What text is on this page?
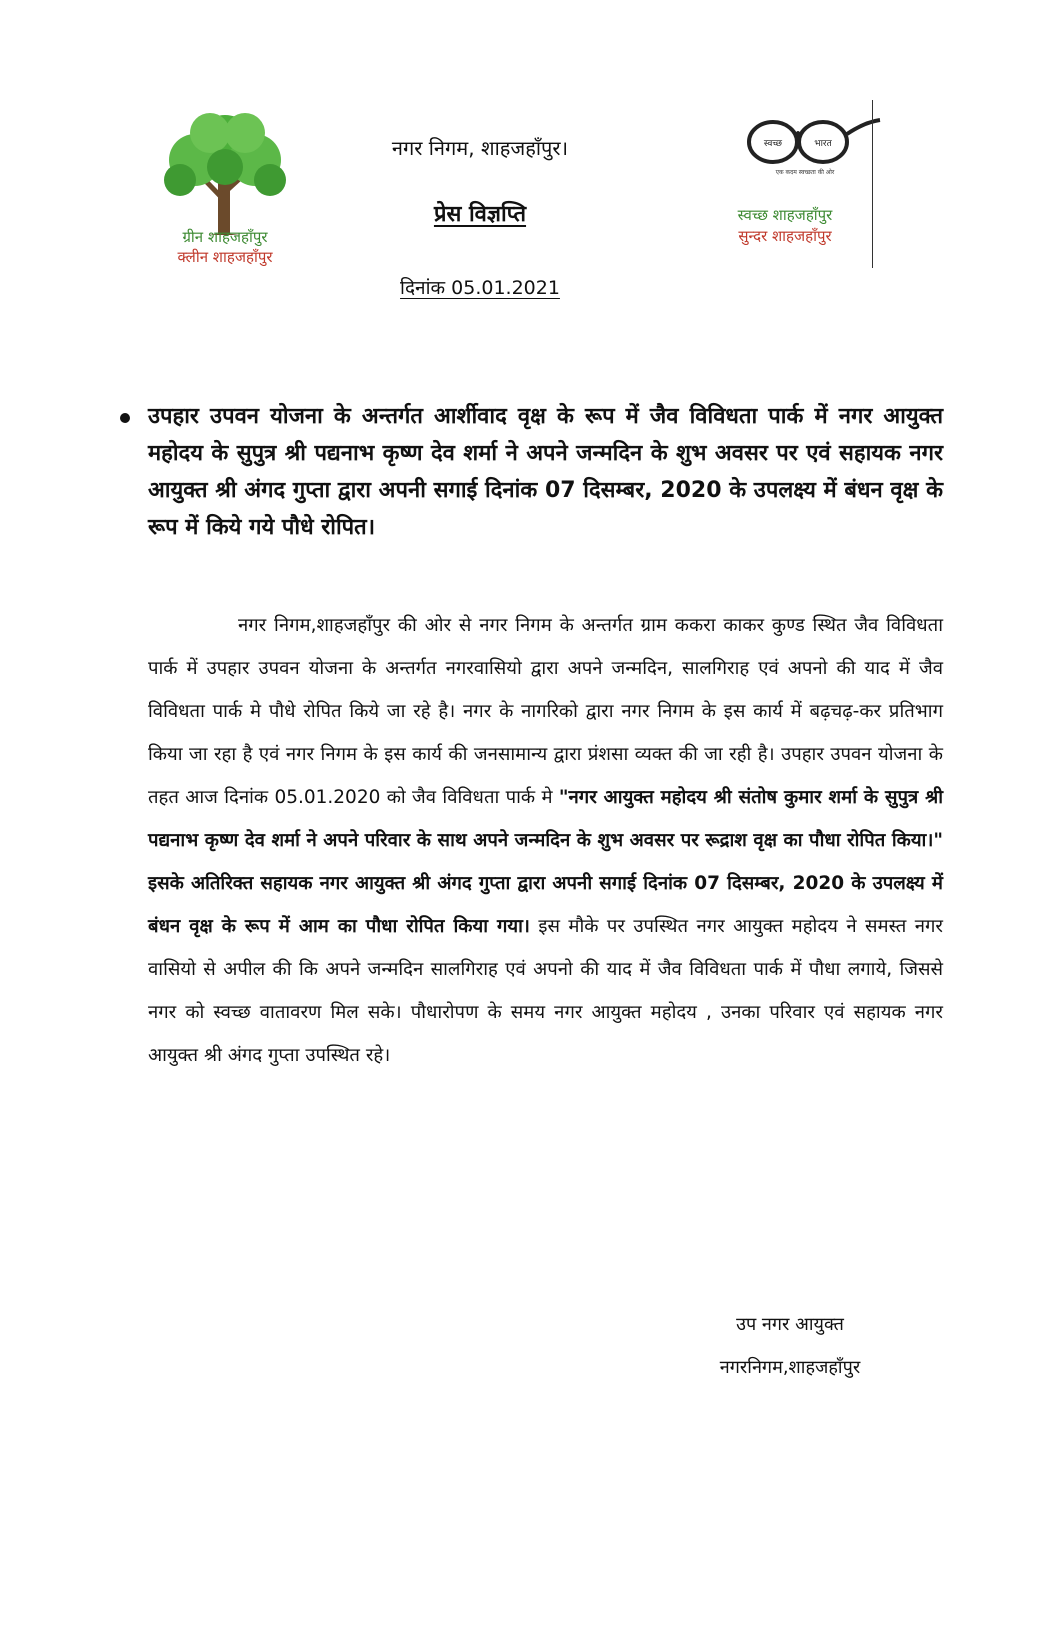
ग्रीन शाहजहाँपुर
क्लीन शाहजहाँपुर
नगर निगम, शाहजहाँपुर।
प्रेस विज्ञप्ति
दिनांक 05.01.2021
स्वच्छ	भारत
एक कदम स्वच्छता की ओर
स्वच्छ शाहजहाँपुर
सुन्दर शाहजहाँपुर
उपहार उपवन योजना के अन्तर्गत आर्शीवाद वृक्ष के रूप में जैव विविधता पार्क में नगर आयुक्त महोदय के सुपुत्र श्री पद्यनाभ कृष्ण देव शर्मा ने अपने जन्मदिन के शुभ अवसर पर एवं सहायक नगर आयुक्त श्री अंगद गुप्ता द्वारा अपनी सगाई दिनांक 07 दिसम्बर, 2020 के उपलक्ष्य में बंधन वृक्ष के रूप में किये गये पौधे रोपित।
नगर निगम,शाहजहाँपुर की ओर से नगर निगम के अन्तर्गत ग्राम ककरा काकर कुण्ड स्थित जैव विविधता पार्क में उपहार उपवन योजना के अन्तर्गत नगरवासियो द्वारा अपने जन्मदिन, सालगिराह एवं अपनो की याद में जैव विविधता पार्क मे पौधे रोपित किये जा रहे है। नगर के नागरिको द्वारा नगर निगम के इस कार्य में बढ़चढ़-कर प्रतिभाग किया जा रहा है एवं नगर निगम के इस कार्य की जनसामान्य द्वारा प्रंशसा व्यक्त की जा रही है। उपहार उपवन योजना के तहत आज दिनांक 05.01.2020 को जैव विविधता पार्क मे "नगर आयुक्त महोदय श्री संतोष कुमार शर्मा के सुपुत्र श्री पद्यनाभ कृष्ण देव शर्मा ने अपने परिवार के साथ अपने जन्मदिन के शुभ अवसर पर रूद्राश वृक्ष का पौधा रोपित किया।" इसके अतिरिक्त सहायक नगर आयुक्त श्री अंगद गुप्ता द्वारा अपनी सगाई दिनांक 07 दिसम्बर, 2020 के उपलक्ष्य में बंधन वृक्ष के रूप में आम का पौधा रोपित किया गया। इस मौके पर उपस्थित नगर आयुक्त महोदय ने समस्त नगर वासियो से अपील की कि अपने जन्मदिन सालगिराह एवं अपनो की याद में जैव विविधता पार्क में पौधा लगाये, जिससे नगर को स्वच्छ वातावरण मिल सके। पौधारोपण के समय नगर आयुक्त महोदय , उनका परिवार एवं सहायक नगर आयुक्त श्री अंगद गुप्ता उपस्थित रहे।
उप नगर आयुक्त
नगरनिगम,शाहजहाँपुर
